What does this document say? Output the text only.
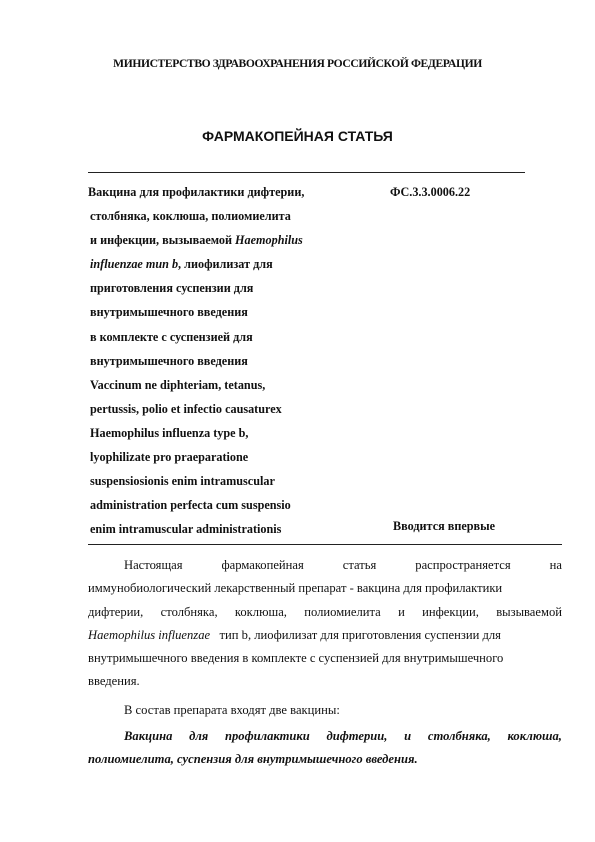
МИНИСТЕРСТВО ЗДРАВООХРАНЕНИЯ РОССИЙСКОЙ ФЕДЕРАЦИИ
ФАРМАКОПЕЙНАЯ СТАТЬЯ
Вакцина для профилактики дифтерии,
столбняка, коклюша, полиомиелита
и инфекции, вызываемой Haemophilus
influenzae тип b, лиофилизат для
приготовления суспензии для
внутримышечного введения
в комплекте с суспензией для
внутримышечного введения
Vaccinum ne diphteriam, tetanus,
pertussis, polio et infectio causaturex
Haemophilus influenza type b,
lyophilizate pro praeparatione
suspensiosionis enim intramuscular
administration perfecta cum suspensio
enim intramuscular administrationis
ФС.3.3.0006.22
Вводится впервые
Настоящая	фармакопейная	статья	распространяется	на
иммунобиологический лекарственный препарат - вакцина для профилактики
дифтерии, столбняка, коклюша, полиомиелита и инфекции, вызываемой
Haemophilus influenzae тип b, лиофилизат для приготовления суспензии для
внутримышечного введения в комплекте с суспензией для внутримышечного
введения.
В состав препарата входят две вакцины:
Вакцина для профилактики дифтерии, и столбняка, коклюша,
полиомиелита, суспензия для внутримышечного введения.
